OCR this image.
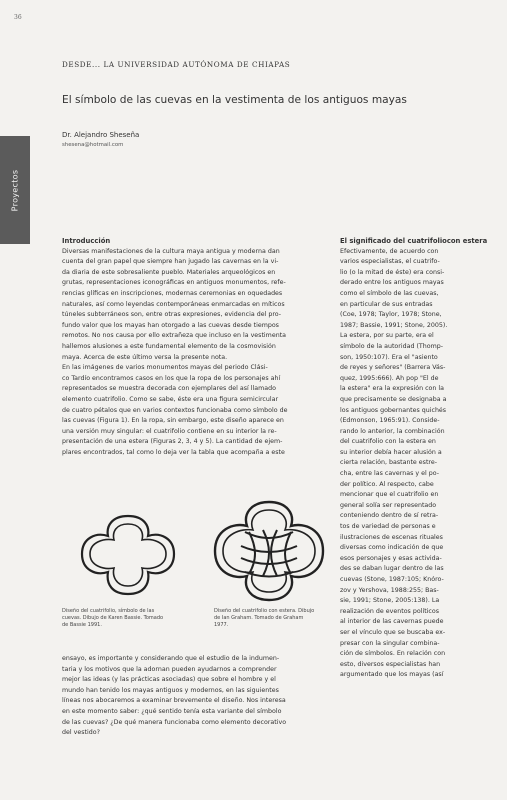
36
DESDE... LA UNIVERSIDAD AUTÓNOMA DE CHIAPAS
El símbolo de las cuevas en la vestimenta de los antiguos mayas
Dr. Alejandro Sheseña
shesena@hotmail.com
Proyectos
Introducción
Diversas manifestaciones de la cultura maya antigua y moderna dan
cuenta del gran papel que siempre han jugado las cavernas en la vi-
da diaria de este sobresaliente pueblo. Materiales arqueológicos en
grutas, representaciones iconográficas en antiguos monumentos, refe-
rencias glíficas en inscripciones, modernas ceremonias en oquedades
naturales, así como leyendas contemporáneas enmarcadas en míticos
túneles subterráneos son, entre otras expresiones, evidencia del pro-
fundo valor que los mayas han otorgado a las cuevas desde tiempos
remotos. No nos causa por ello extrañeza que incluso en la vestimenta
hallemos alusiones a este fundamental elemento de la cosmovisión
maya. Acerca de este último versa la presente nota.
En las imágenes de varios monumentos mayas del periodo Clási-
co Tardío encontramos casos en los que la ropa de los personajes ahí
representados se muestra decorada con ejemplares del así llamado
elemento cuatrifolio. Como se sabe, éste era una figura semicircular
de cuatro pétalos que en varios contextos funcionaba como símbolo de
las cuevas (Figura 1). En la ropa, sin embargo, este diseño aparece en
una versión muy singular: el cuatrifolio contiene en su interior la re-
presentación de una estera (Figuras 2, 3, 4 y 5). La cantidad de ejem-
plares encontrados, tal como lo deja ver la tabla que acompaña a este
Diseño del cuatrifolio, símbolo de las
cuevas. Dibujo de Karen Bassie. Tomado
de Bassie 1991.
Diseño del cuatrifolio con estera. Dibujo
de Ian Graham. Tomado de Graham
1977.
ensayo, es importante y considerando que el estudio de la indumen-
taria y los motivos que la adornan pueden ayudarnos a comprender
mejor las ideas (y las prácticas asociadas) que sobre el hombre y el
mundo han tenido los mayas antiguos y modernos, en las siguientes
líneas nos abocaremos a examinar brevemente el diseño. Nos interesa
en este momento saber: ¿qué sentido tenía esta variante del símbolo
de las cuevas? ¿De qué manera funcionaba como elemento decorativo
del vestido?
El significado del cuatrifoliocon estera
Efectivamente, de acuerdo con
varios especialistas, el cuatrifo-
lio (o la mitad de éste) era consi-
derado entre los antiguos mayas
como el símbolo de las cuevas,
en particular de sus entradas
(Coe, 1978; Taylor, 1978; Stone,
1987; Bassie, 1991; Stone, 2005).
La estera, por su parte, era el
símbolo de la autoridad (Thomp-
son, 1950:107). Era el "asiento
de reyes y señores" (Barrera Vás-
quez, 1995:666). Ah pop "El de
la estera" era la expresión con la
que precisamente se designaba a
los antiguos gobernantes quichés
(Edmonson, 1965:91). Conside-
rando lo anterior, la combinación
del cuatrifolio con la estera en
su interior debía hacer alusión a
cierta relación, bastante estre-
cha, entre las cavernas y el po-
der político. Al respecto, cabe
mencionar que el cuatrifolio en
general solía ser representado
conteniendo dentro de sí retra-
tos de variedad de personas e
ilustraciones de escenas rituales
diversas como indicación de que
esos personajes y esas activida-
des se daban lugar dentro de las
cuevas (Stone, 1987:105; Knóro-
zov y Yershova, 1988:255; Bas-
sie, 1991; Stone, 2005:138). La
realización de eventos políticos
al interior de las cavernas puede
ser el vínculo que se buscaba ex-
presar con la singular combina-
ción de símbolos. En relación con
esto, diversos especialistas han
argumentado que los mayas (así
